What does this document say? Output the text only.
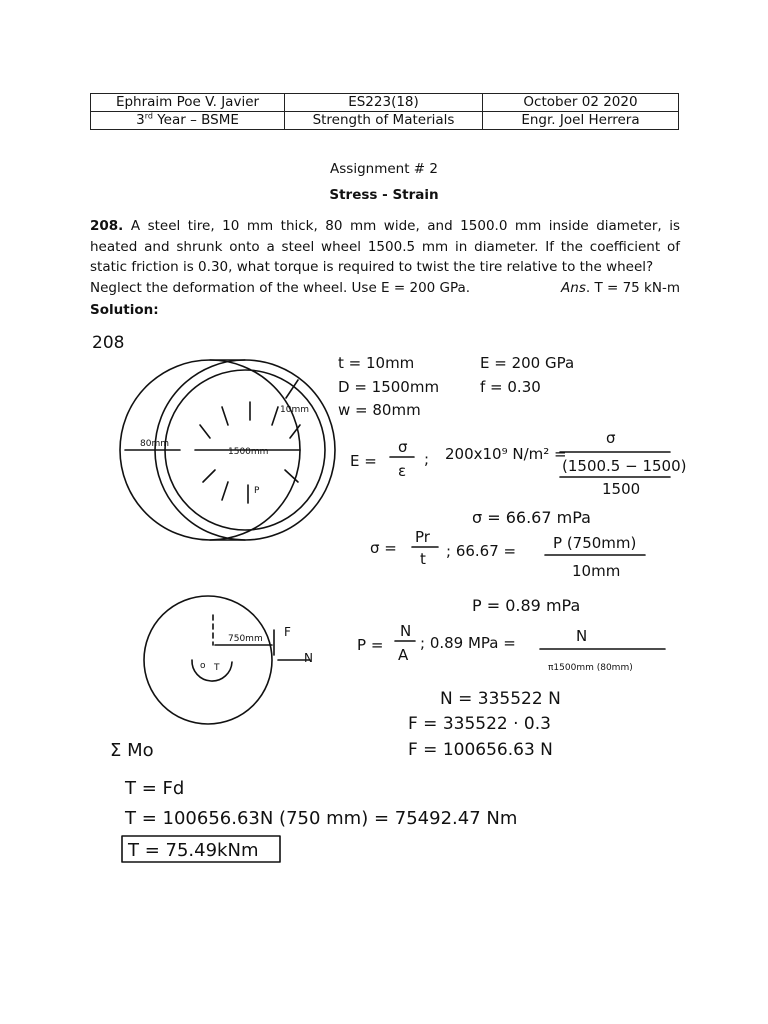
Ephraim Poe V. Javier	ES223(18)	October 02 2020
3rd Year – BSME	Strength of Materials	Engr. Joel Herrera
Assignment # 2
Stress - Strain
208. A steel tire, 10 mm thick, 80 mm wide, and 1500.0 mm inside diameter, is heated and shrunk onto a steel wheel 1500.5 mm in diameter. If the coefficient of static friction is 0.30, what torque is required to twist the tire relative to the wheel?
Neglect the deformation of the wheel. Use E = 200 GPa.	Ans. T = 75 kN-m
Solution:
208
80mm
1500mm
10mm
P
t = 10mm
D = 1500mm
w = 80mm
E = 200 GPa
f = 0.30
E =
σ
ε
; 200x10⁹ N/m² =
σ
(1500.5 − 1500)
1500
σ = 66.67 mPa
σ =
Pr
t ; 66.67 = P (750mm)
10mm
P = 0.89 mPa
750mm F
N
o T
P =
N
A
; 0.89 MPa =	N
π1500mm (80mm)
N = 335522 N
F = 335522 · 0.3
F = 100656.63 N
Σ Mo
T = Fd
T = 100656.63N (750 mm) = 75492.47 Nm
T = 75.49kNm
